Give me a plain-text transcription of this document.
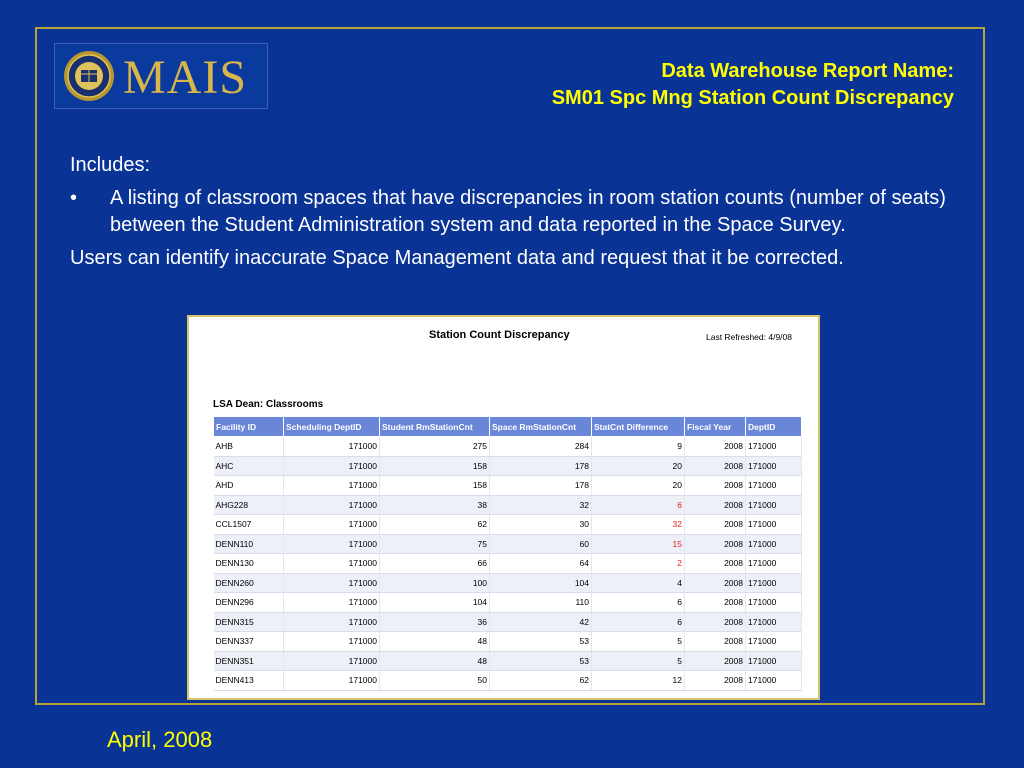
MAIS	Data Warehouse Report Name:
SM01 Spc Mng Station Count Discrepancy

Includes:

• A listing of classroom spaces that have discrepancies in room station counts (number of seats) between the Student Administration system and data reported in the Space Survey.

Users can identify inaccurate Space Management data and request that it be corrected.

Station Count Discrepancy	Last Refreshed: 4/9/08
LSA Dean: Classrooms
Facility ID	Scheduling DeptID	Student RmStationCnt	Space RmStationCnt	StatCnt Difference	Fiscal Year	DeptID
AHB	171000	275	284	9	2008	171000
AHC	171000	158	178	20	2008	171000
AHD	171000	158	178	20	2008	171000
AHG228	171000	38	32	6	2008	171000
CCL1507	171000	62	30	32	2008	171000
DENN110	171000	75	60	15	2008	171000
DENN130	171000	66	64	2	2008	171000
DENN260	171000	100	104	4	2008	171000
DENN296	171000	104	110	6	2008	171000
DENN315	171000	36	42	6	2008	171000
DENN337	171000	48	53	5	2008	171000
DENN351	171000	48	53	5	2008	171000
DENN413	171000	50	62	12	2008	171000
April, 2008
